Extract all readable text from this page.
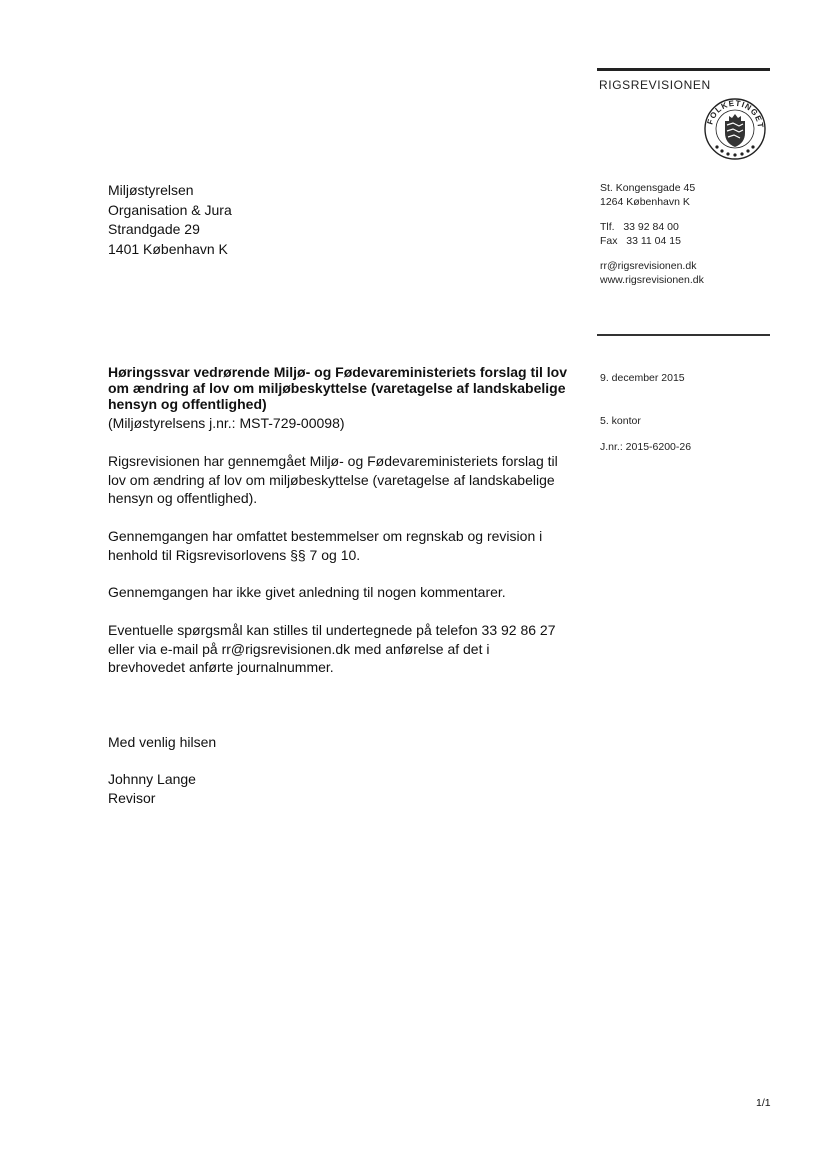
RIGSREVISIONEN
FOLKETINGET
Miljøstyrelsen
Organisation & Jura
Strandgade 29
1401 København K
St. Kongensgade 45
1264 København K
Tlf.   33 92 84 00
Fax   33 11 04 15
rr@rigsrevisionen.dk
www.rigsrevisionen.dk
9. december 2015
5. kontor
J.nr.: 2015-6200-26
Høringssvar vedrørende Miljø- og Fødevareministeriets forslag til lov om ændring af lov om miljøbeskyttelse (varetagelse af landskabelige hensyn og offentlighed)
(Miljøstyrelsens j.nr.: MST-729-00098)
Rigsrevisionen har gennemgået Miljø- og Fødevareministeriets forslag til lov om ændring af lov om miljøbeskyttelse (varetagelse af landskabelige hensyn og offentlighed).
Gennemgangen har omfattet bestemmelser om regnskab og revision i henhold til Rigsrevisorlovens §§ 7 og 10.
Gennemgangen har ikke givet anledning til nogen kommentarer.
Eventuelle spørgsmål kan stilles til undertegnede på telefon 33 92 86 27 eller via e-mail på rr@rigsrevisionen.dk med anførelse af det i brevhovedet anførte journalnummer.
Med venlig hilsen
Johnny Lange
Revisor
1/1
